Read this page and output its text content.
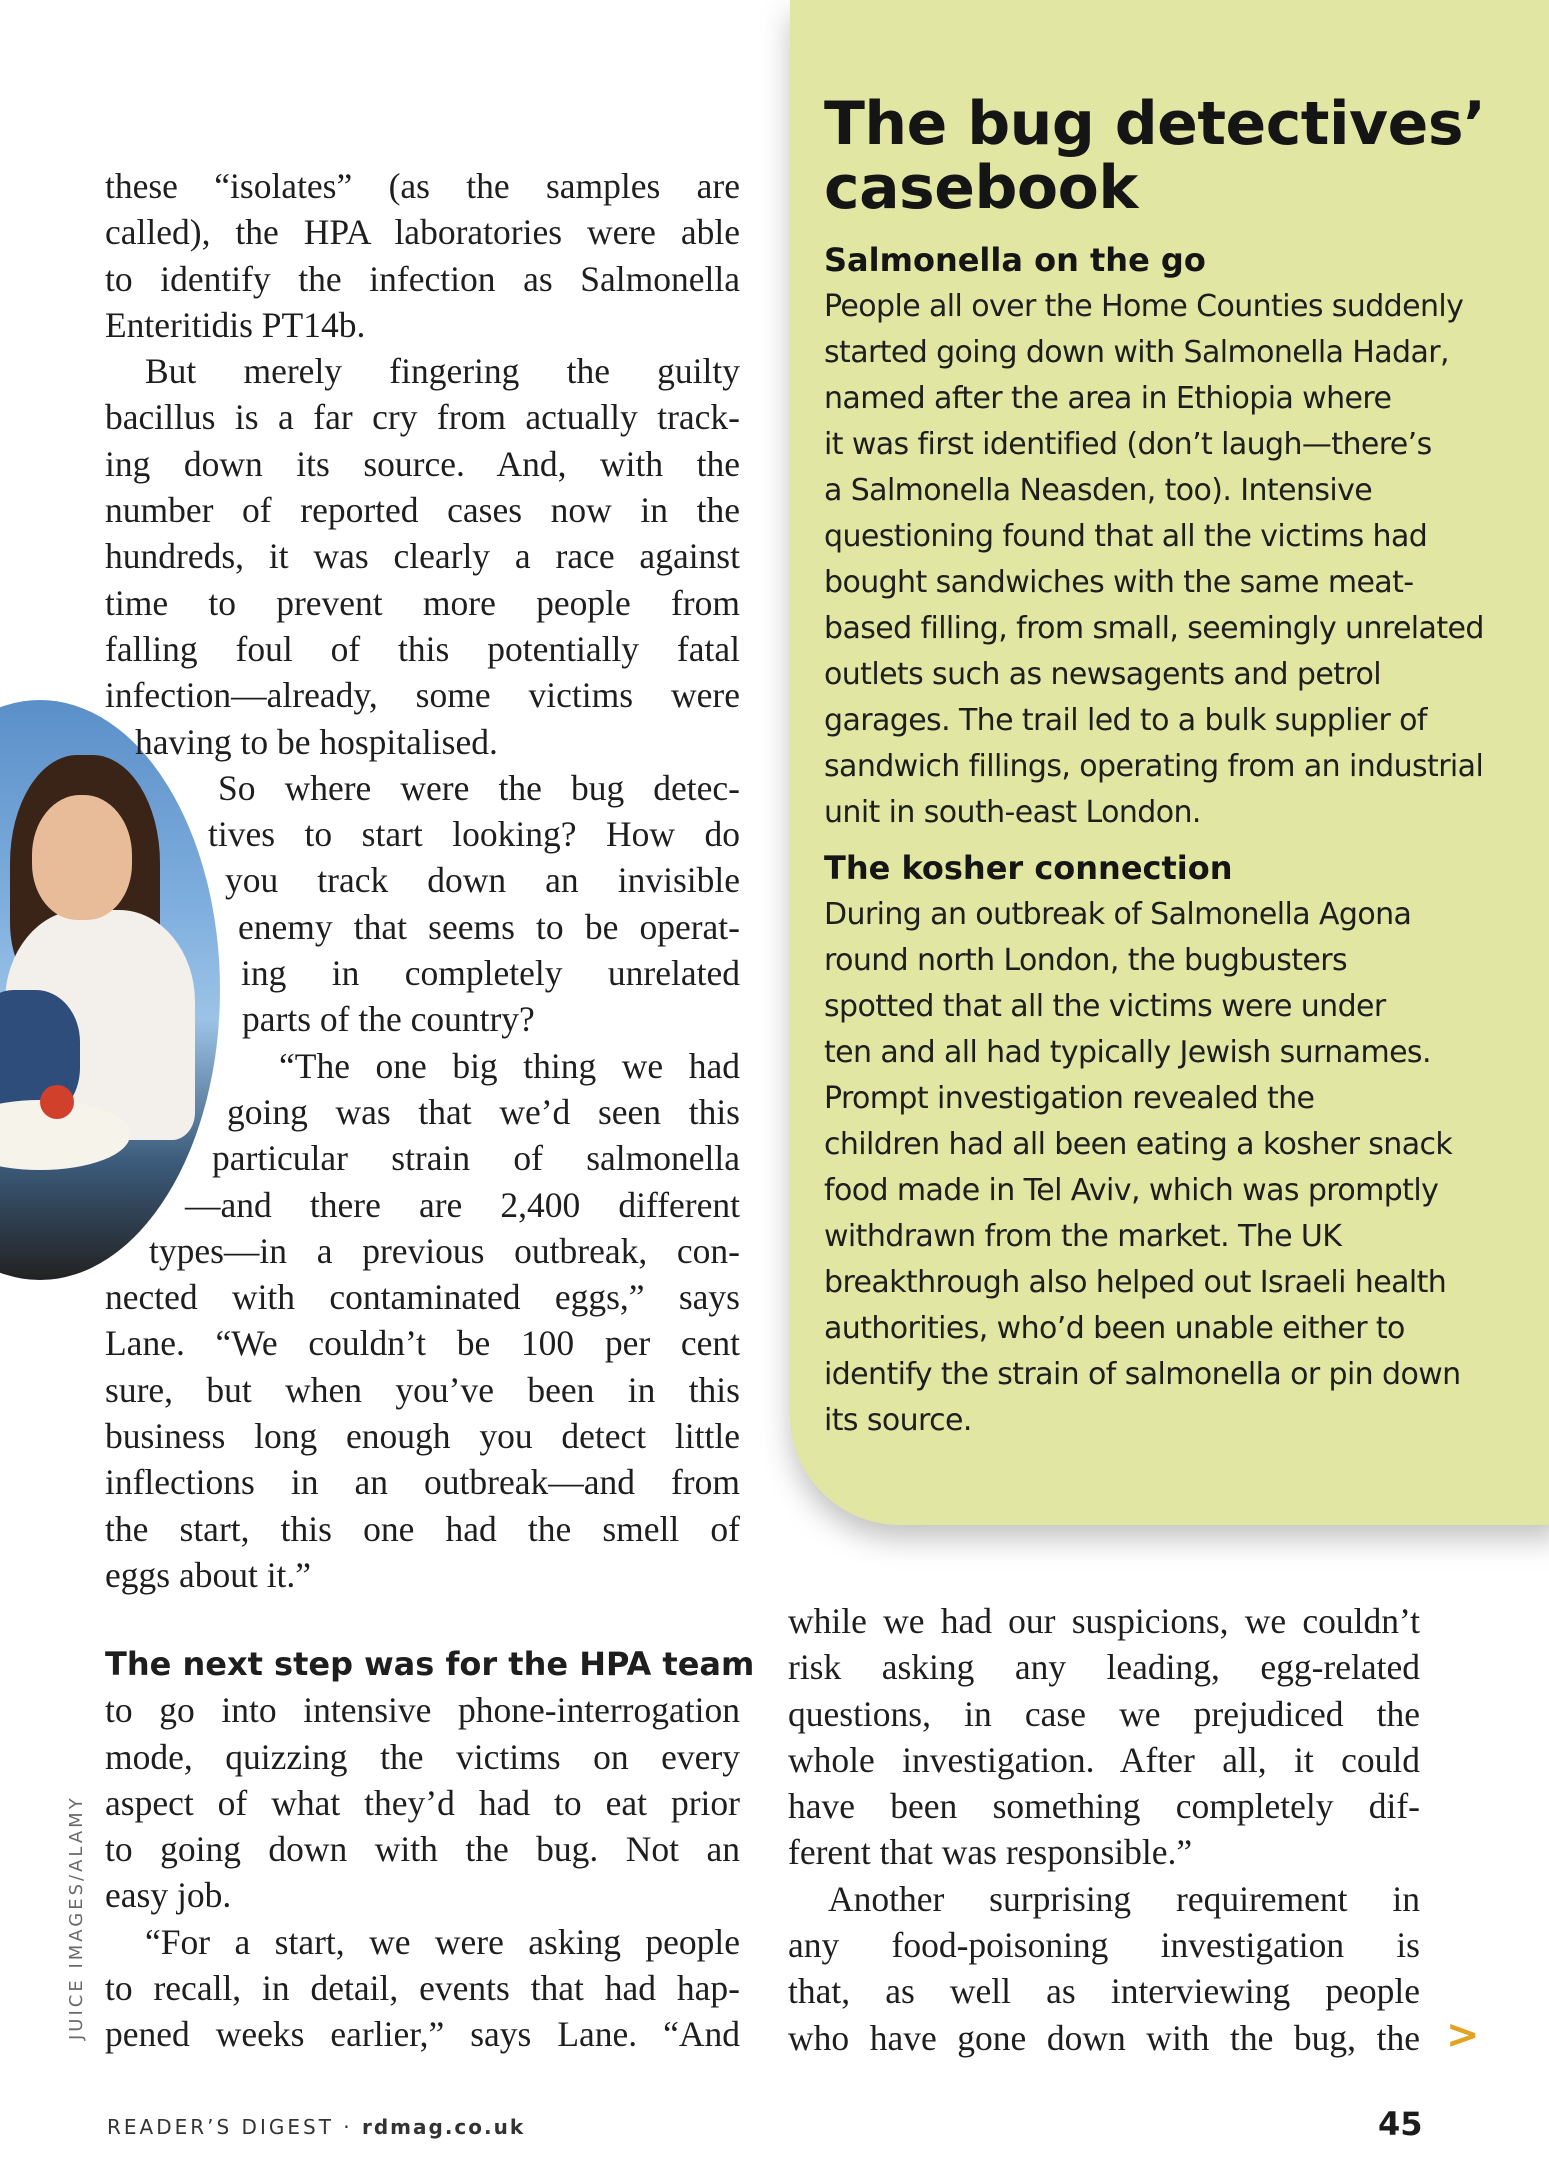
The bug detectives’
casebook
Salmonella on the go

People all over the Home Counties suddenly
started going down with Salmonella Hadar,
named after the area in Ethiopia where
it was first identified (don’t laugh—there’s
a Salmonella Neasden, too). Intensive
questioning found that all the victims had
bought sandwiches with the same meat-
based filling, from small, seemingly unrelated
outlets such as newsagents and petrol
garages. The trail led to a bulk supplier of
sandwich fillings, operating from an industrial
unit in south-east London.

The kosher connection

During an outbreak of Salmonella Agona
round north London, the bugbusters
spotted that all the victims were under
ten and all had typically Jewish surnames.
Prompt investigation revealed the
children had all been eating a kosher snack
food made in Tel Aviv, which was promptly
withdrawn from the market. The UK
breakthrough also helped out Israeli health
authorities, who’d been unable either to
identify the strain of salmonella or pin down
its source.

these “isolates” (as the samples are
called), the HPA laboratories were able
to identify the infection as Salmonella
Enteritidis PT14b.
But merely fingering the guilty
bacillus is a far cry from actually track-
ing down its source. And, with the
number of reported cases now in the
hundreds, it was clearly a race against
time to prevent more people from
falling foul of this potentially fatal
infection—already, some victims were
having to be hospitalised.
So where were the bug detec-
tives to start looking? How do
you track down an invisible
enemy that seems to be operat-
ing in completely unrelated
parts of the country?
“The one big thing we had
going was that we’d seen this
particular strain of salmonella
—and there are 2,400 different
types—in a previous outbreak, con-
nected with contaminated eggs,” says
Lane. “We couldn’t be 100 per cent
sure, but when you’ve been in this
business long enough you detect little
inflections in an outbreak—and from
the start, this one had the smell of
eggs about it.”
The next step was for the HPA team
to go into intensive phone-interrogation
mode, quizzing the victims on every
aspect of what they’d had to eat prior
to going down with the bug. Not an
easy job.
“For a start, we were asking people
to recall, in detail, events that had hap-
pened weeks earlier,” says Lane. “And
while we had our suspicions, we couldn’t
risk asking any leading, egg-related
questions, in case we prejudiced the
whole investigation. After all, it could
have been something completely dif-
ferent that was responsible.”
Another surprising requirement in
any food-poisoning investigation is
that, as well as interviewing people
who have gone down with the bug, the >
JUICE IMAGES/ALAMY
READER’S DIGEST · rdmag.co.uk	45
